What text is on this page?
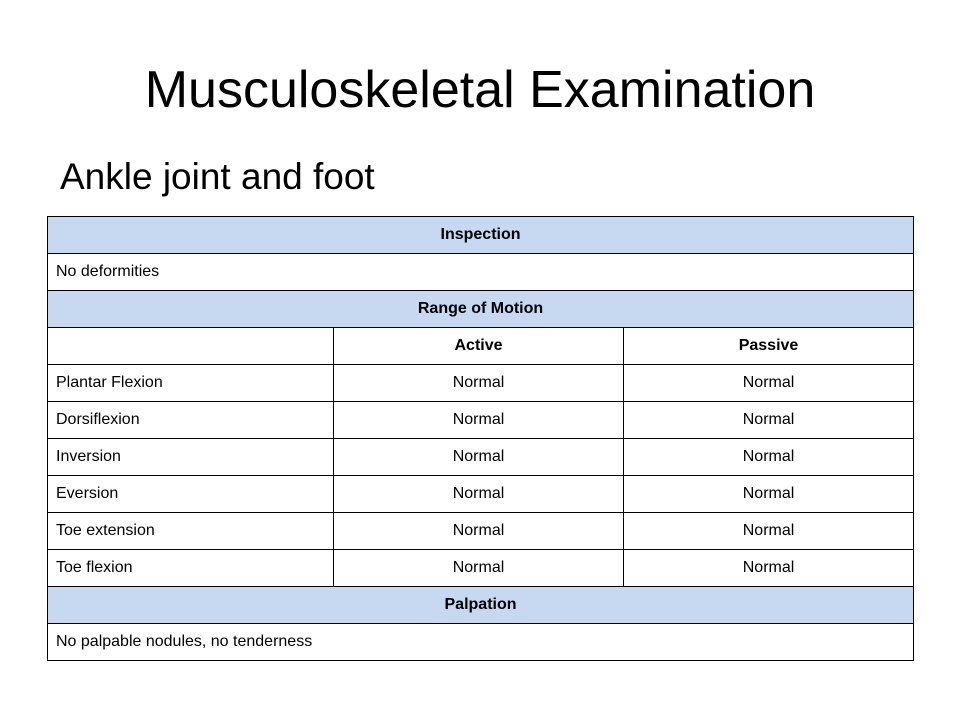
Musculoskeletal Examination
Ankle joint and foot
Inspection		
No deformities		
Range of Motion		
	Active	Passive
Plantar Flexion	Normal	Normal
Dorsiflexion	Normal	Normal
Inversion	Normal	Normal
Eversion	Normal	Normal
Toe extension	Normal	Normal
Toe flexion	Normal	Normal
Palpation		
No palpable nodules, no tenderness		
